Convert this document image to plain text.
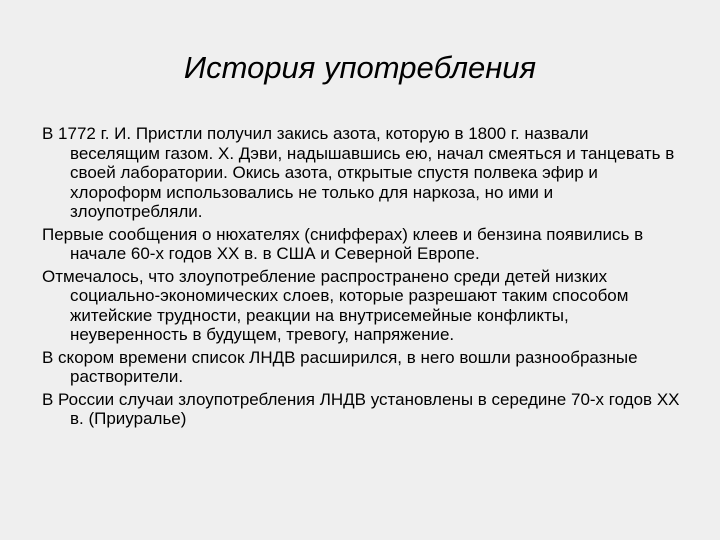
История употребления
В 1772 г. И. Пристли получил закись азота, которую в 1800 г. назвали веселящим газом. Х. Дэви, надышавшись ею, начал смеяться и танцевать в своей лаборатории. Окись азота, открытые спустя полвека эфир и хлороформ использовались не только для наркоза, но ими и злоупотребляли.
Первые сообщения о нюхателях (снифферах) клеев и бензина появились в начале 60-х годов XX в. в США и Северной Европе.
Отмечалось, что злоупотребление распространено среди детей низких социально-экономических слоев, которые разрешают таким способом житейские трудности, реакции на внутрисемейные конфликты, неуверенность в будущем, тревогу, напряжение.
В скором времени список ЛНДВ расширился, в него вошли разнообразные растворители.
В России случаи злоупотребления ЛНДВ установлены в середине 70-х годов XX в. (Приуралье)
